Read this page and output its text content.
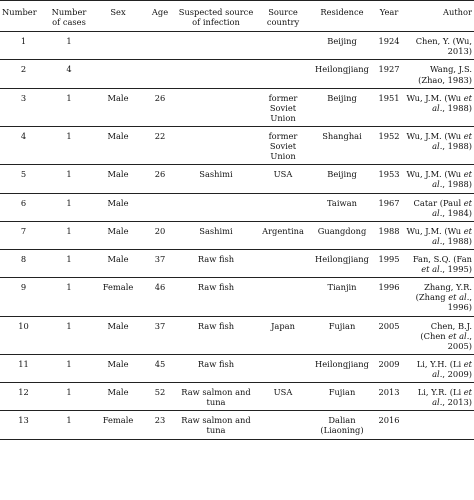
Number	Number of cases	Sex	Age	Suspected source of infection	Source country	Residence	Year	Author
1	1					Beijing	1924	Chen, Y. (Wu, 2013)
2	4					Heilongjiang	1927	Wang, J.S. (Zhao, 1983)
3	1	Male	26		former Soviet Union	Beijing	1951	Wu, J.M. (Wu et al., 1988)
4	1	Male	22		former Soviet Union	Shanghai	1952	Wu, J.M. (Wu et al., 1988)
5	1	Male	26	Sashimi	USA	Beijing	1953	Wu, J.M. (Wu et al., 1988)
6	1	Male				Taiwan	1967	Catar (Paul et al., 1984)
7	1	Male	20	Sashimi	Argentina	Guangdong	1988	Wu, J.M. (Wu et al., 1988)
8	1	Male	37	Raw fish		Heilongjiang	1995	Fan, S.Q. (Fan et al., 1995)
9	1	Female	46	Raw fish		Tianjin	1996	Zhang, Y.R. (Zhang et al., 1996)
10	1	Male	37	Raw fish	Japan	Fujian	2005	Chen, B.J. (Chen et al., 2005)
11	1	Male	45	Raw fish		Heilongjiang	2009	Li, Y.H. (Li et al., 2009)
12	1	Male	52	Raw salmon and tuna	USA	Fujian	2013	Li, Y.R. (Li et al., 2013)
13	1	Female	23	Raw salmon and tuna		Dalian (Liaoning)	2016	
